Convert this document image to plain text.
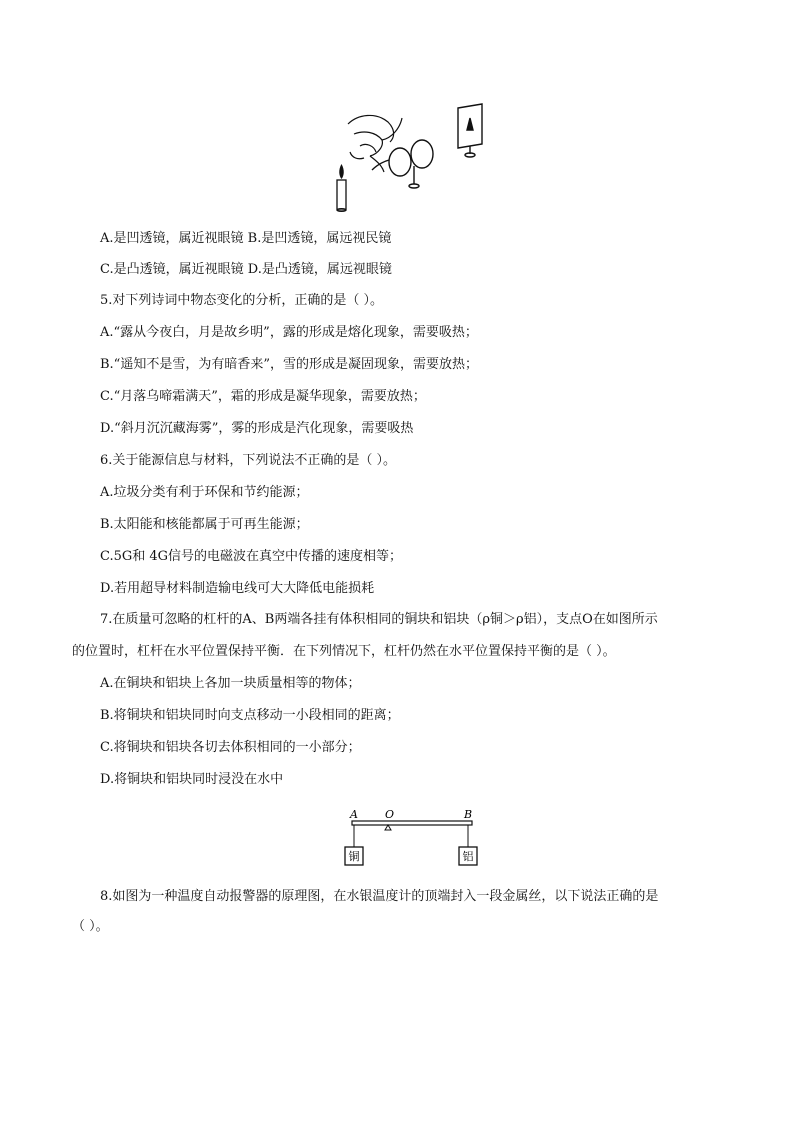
A.是凹透镜，属近视眼镜 B.是凹透镜，属远视民镜
C.是凸透镜，属近视眼镜 D.是凸透镜，属远视眼镜
5.对下列诗词中物态变化的分析，正确的是（ ）。
A.“露从今夜白，月是故乡明”，露的形成是熔化现象，需要吸热；
B.“遥知不是雪，为有暗香来”，雪的形成是凝固现象，需要放热；
C.“月落乌啼霜满天”，霜的形成是凝华现象，需要放热；
D.“斜月沉沉藏海雾”，雾的形成是汽化现象，需要吸热
6.关于能源信息与材料，下列说法不正确的是（ ）。
A.垃圾分类有利于环保和节约能源；
B.太阳能和核能都属于可再生能源；
C.5G和 4G信号的电磁波在真空中传播的速度相等；
D.若用超导材料制造输电线可大大降低电能损耗
7.在质量可忽略的杠杆的A、B两端各挂有体积相同的铜块和铝块（ρ铜＞ρ铝），支点O在如图所示
的位置时，杠杆在水平位置保持平衡．在下列情况下，杠杆仍然在水平位置保持平衡的是（ ）。
A.在铜块和铝块上各加一块质量相等的物体；
B.将铜块和铝块同时向支点移动一小段相同的距离；
C.将铜块和铝块各切去体积相同的一小部分；
D.将铜块和铝块同时浸没在水中
A O	B
铜	铝
8.如图为一种温度自动报警器的原理图，在水银温度计的顶端封入一段金属丝，以下说法正确的是
（ ）。
